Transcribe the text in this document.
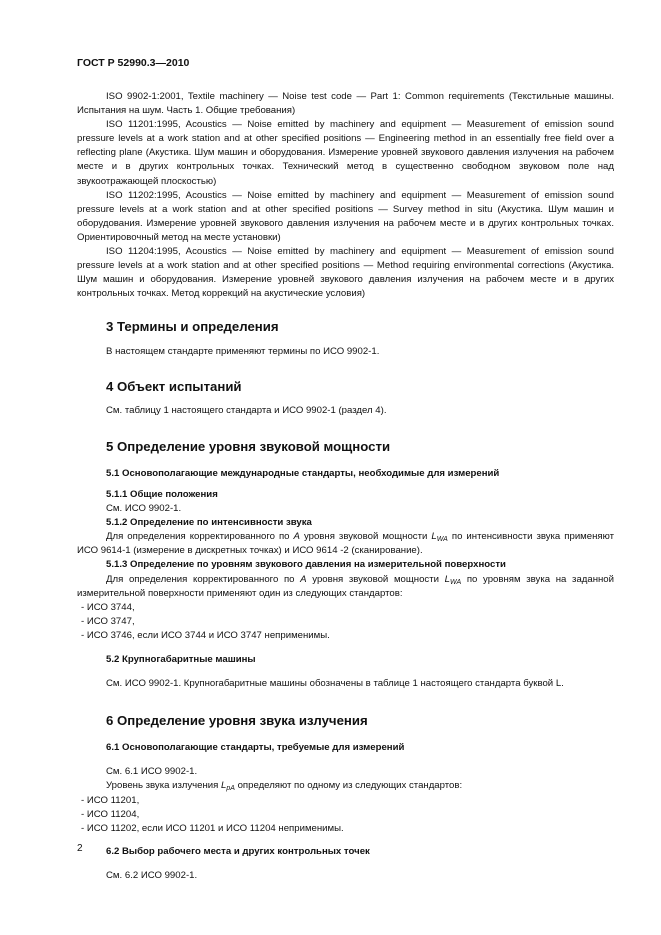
ГОСТ Р 52990.3—2010

ISO 9902-1:2001, Textile machinery — Noise test code — Part 1: Common requirements (Текстильные машины. Испытания на шум. Часть 1. Общие требования)

ISO 11201:1995, Acoustics — Noise emitted by machinery and equipment — Measurement of emission sound pressure levels at a work station and at other specified positions — Engineering method in an essentially free field over a reflecting plane (Акустика. Шум машин и оборудования. Измерение уровней звукового давления излучения на рабочем месте и в других контрольных точках. Технический метод в существенно свободном звуковом поле над звукоотражающей плоскостью)

ISO 11202:1995, Acoustics — Noise emitted by machinery and equipment — Measurement of emission sound pressure levels at a work station and at other specified positions — Survey method in situ (Акустика. Шум машин и оборудования. Измерение уровней звукового давления излучения на рабочем месте и в других контрольных точках. Ориентировочный метод на месте установки)

ISO 11204:1995, Acoustics — Noise emitted by machinery and equipment — Measurement of emission sound pressure levels at a work station and at other specified positions — Method requiring environmental corrections (Акустика. Шум машин и оборудования. Измерение уровней звукового давления излучения на рабочем месте и в других контрольных точках. Метод коррекций на акустические условия)

3 Термины и определения

В настоящем стандарте применяют термины по ИСО 9902-1.

4 Объект испытаний

См. таблицу 1 настоящего стандарта и ИСО 9902-1 (раздел 4).

5 Определение уровня звуковой мощности
5.1 Основополагающие международные стандарты, необходимые для измерений
5.1.1 Общие положения

См. ИСО 9902-1.

5.1.2 Определение по интенсивности звука

Для определения корректированного по A уровня звуковой мощности $L_{WA}$ по интенсивности звука применяют ИСО 9614-1 (измерение в дискретных точках) и ИСО 9614 -2 (сканирование).

5.1.3 Определение по уровням звукового давления на измерительной поверхности

Для определения корректированного по A уровня звуковой мощности $L_{WA}$ по уровням звука на заданной измерительной поверхности применяют один из следующих стандартов:

- ИСО 3744,

- ИСО 3747,

- ИСО 3746, если ИСО 3744 и ИСО 3747 неприменимы.

5.2 Крупногабаритные машины

См. ИСО 9902-1. Крупногабаритные машины обозначены в таблице 1 настоящего стандарта буквой L.

6 Определение уровня звука излучения
6.1 Основополагающие стандарты, требуемые для измерений

См. 6.1 ИСО 9902-1.

Уровень звука излучения $L_{pA}$ определяют по одному из следующих стандартов:

- ИСО 11201,

- ИСО 11204,

- ИСО 11202, если ИСО 11201 и ИСО 11204 неприменимы.

6.2 Выбор рабочего места и других контрольных точек

См. 6.2 ИСО 9902-1.

2
